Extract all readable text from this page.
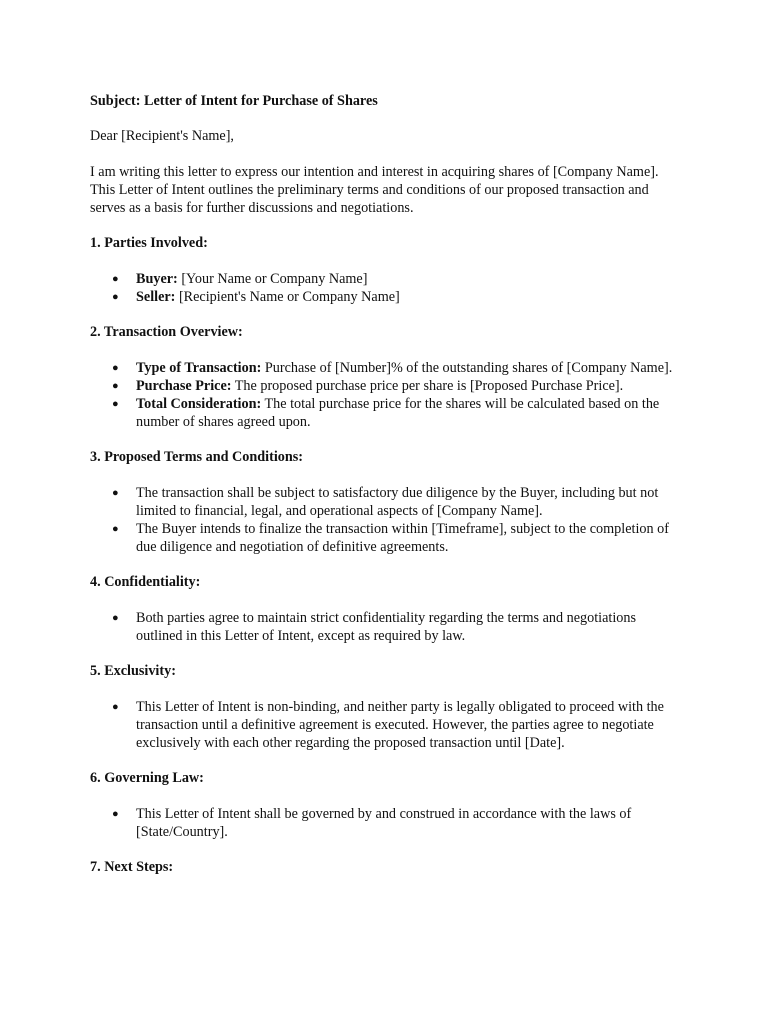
Subject: Letter of Intent for Purchase of Shares

Dear [Recipient's Name],

I am writing this letter to express our intention and interest in acquiring shares of [Company Name]. This Letter of Intent outlines the preliminary terms and conditions of our proposed transaction and serves as a basis for further discussions and negotiations.

1. Parties Involved:

● Buyer: [Your Name or Company Name]
● Seller: [Recipient's Name or Company Name]

2. Transaction Overview:

● Type of Transaction: Purchase of [Number]% of the outstanding shares of [Company Name].
● Purchase Price: The proposed purchase price per share is [Proposed Purchase Price].
● Total Consideration: The total purchase price for the shares will be calculated based on the number of shares agreed upon.

3. Proposed Terms and Conditions:

● The transaction shall be subject to satisfactory due diligence by the Buyer, including but not limited to financial, legal, and operational aspects of [Company Name].
● The Buyer intends to finalize the transaction within [Timeframe], subject to the completion of due diligence and negotiation of definitive agreements.

4. Confidentiality:

● Both parties agree to maintain strict confidentiality regarding the terms and negotiations outlined in this Letter of Intent, except as required by law.

5. Exclusivity:

● This Letter of Intent is non-binding, and neither party is legally obligated to proceed with the transaction until a definitive agreement is executed. However, the parties agree to negotiate exclusively with each other regarding the proposed transaction until [Date].

6. Governing Law:

● This Letter of Intent shall be governed by and construed in accordance with the laws of [State/Country].

7. Next Steps:
